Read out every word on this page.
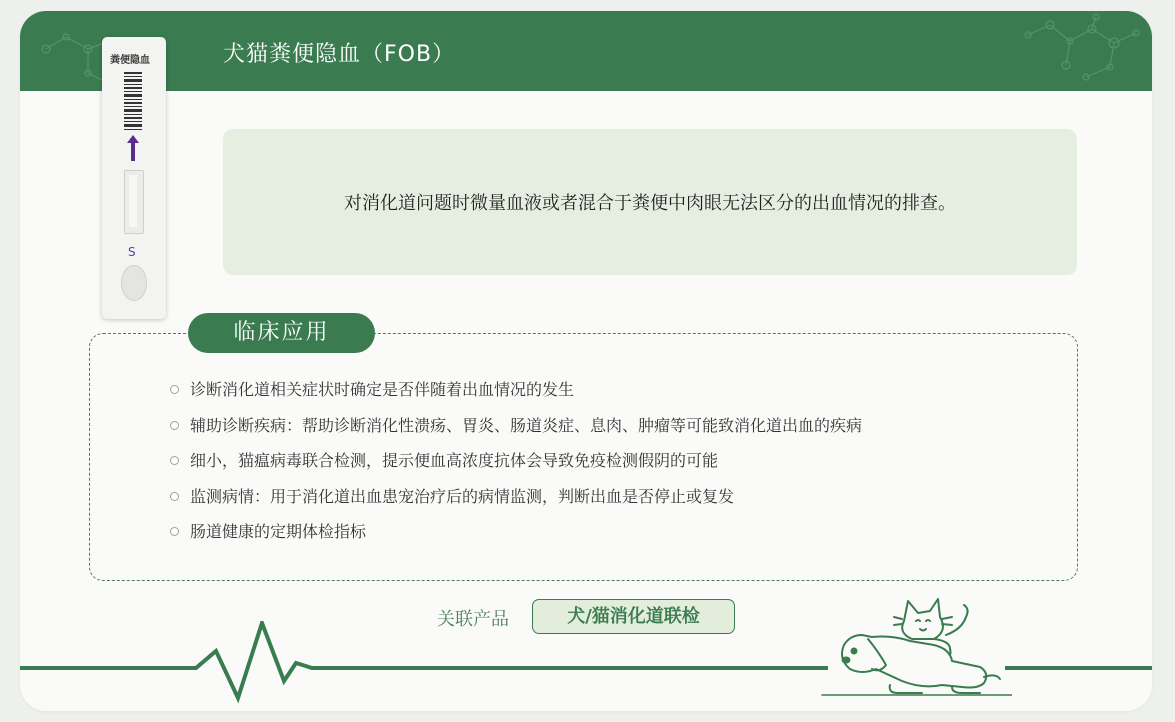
犬猫粪便隐血（FOB）
粪便隐血
S
对消化道问题时微量血液或者混合于粪便中肉眼无法区分的出血情况的排查。
临床应用
诊断消化道相关症状时确定是否伴随着出血情况的发生
辅助诊断疾病：帮助诊断消化性溃疡、胃炎、肠道炎症、息肉、肿瘤等可能致消化道出血的疾病
细小，猫瘟病毒联合检测，提示便血高浓度抗体会导致免疫检测假阴的可能
监测病情：用于消化道出血患宠治疗后的病情监测，判断出血是否停止或复发
肠道健康的定期体检指标
关联产品	犬/猫消化道联检
